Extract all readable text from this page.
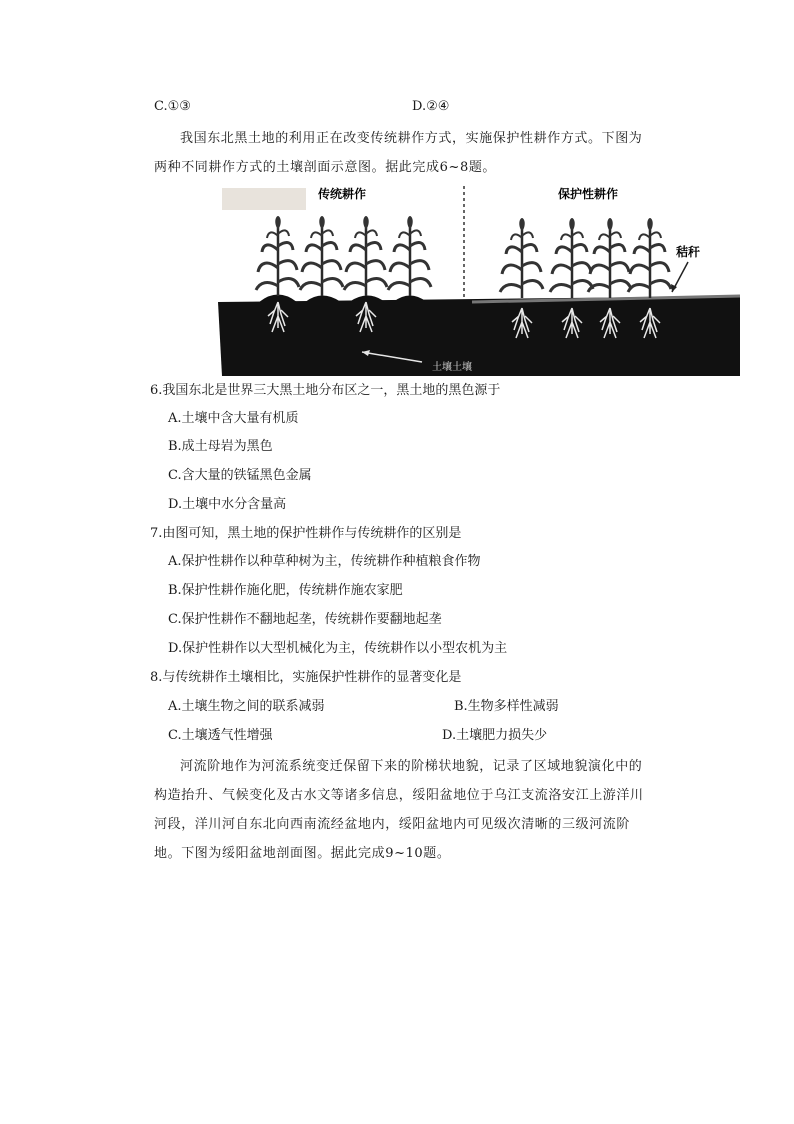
C.①③	D.②④
我国东北黑土地的利用正在改变传统耕作方式，实施保护性耕作方式。下图为两种不同耕作方式的土壤剖面示意图。据此完成6~8题。
传统耕作	保护性耕作
秸秆
土壤土壤
6.我国东北是世界三大黑土地分布区之一，黑土地的黑色源于
A.土壤中含大量有机质
B.成土母岩为黑色
C.含大量的铁锰黑色金属
D.土壤中水分含量高
7.由图可知，黑土地的保护性耕作与传统耕作的区别是
A.保护性耕作以种草种树为主，传统耕作种植粮食作物
B.保护性耕作施化肥，传统耕作施农家肥
C.保护性耕作不翻地起垄，传统耕作要翻地起垄
D.保护性耕作以大型机械化为主，传统耕作以小型农机为主
8.与传统耕作土壤相比，实施保护性耕作的显著变化是
A.土壤生物之间的联系减弱	B.生物多样性减弱
C.土壤透气性增强	D.土壤肥力损失少
河流阶地作为河流系统变迁保留下来的阶梯状地貌，记录了区域地貌演化中的构造抬升、气候变化及古水文等诸多信息，绥阳盆地位于乌江支流洛安江上游洋川河段，洋川河自东北向西南流经盆地内，绥阳盆地内可见级次清晰的三级河流阶地。下图为绥阳盆地剖面图。据此完成9~10题。
